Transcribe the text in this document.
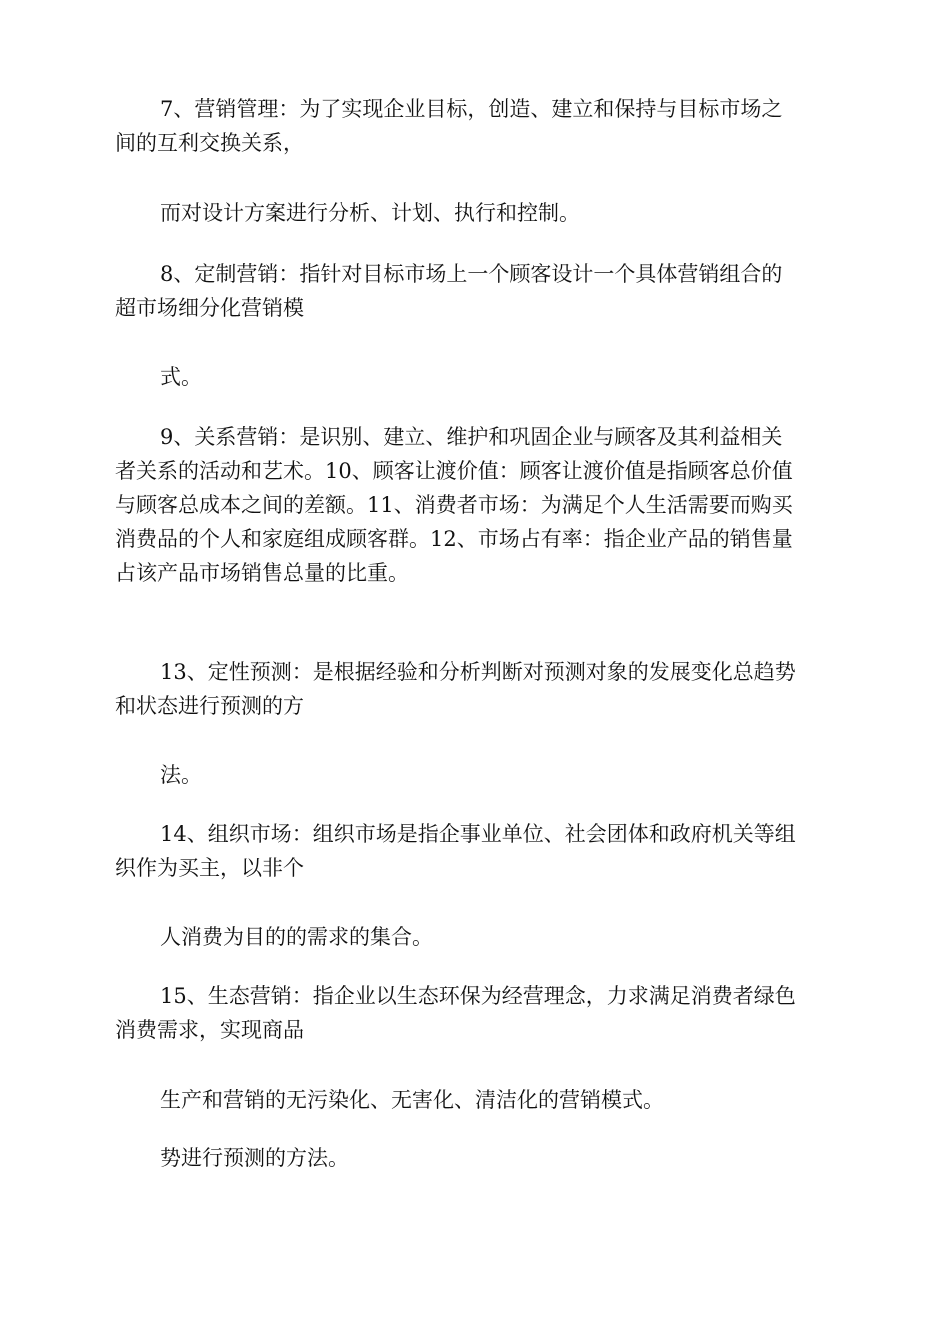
7、营销管理：为了实现企业目标，创造、建立和保持与目标市场之
间的互利交换关系，

而对设计方案进行分析、计划、执行和控制。

8、定制营销：指针对目标市场上一个顾客设计一个具体营销组合的
超市场细分化营销模

式。

9、关系营销：是识别、建立、维护和巩固企业与顾客及其利益相关
者关系的活动和艺术。10、顾客让渡价值：顾客让渡价值是指顾客总价值
与顾客总成本之间的差额。11、消费者市场：为满足个人生活需要而购买
消费品的个人和家庭组成顾客群。12、市场占有率：指企业产品的销售量
占该产品市场销售总量的比重。

13、定性预测：是根据经验和分析判断对预测对象的发展变化总趋势
和状态进行预测的方

法。

14、组织市场：组织市场是指企事业单位、社会团体和政府机关等组
织作为买主，以非个

人消费为目的的需求的集合。

15、生态营销：指企业以生态环保为经营理念，力求满足消费者绿色
消费需求，实现商品

生产和营销的无污染化、无害化、清洁化的营销模式。

势进行预测的方法。
